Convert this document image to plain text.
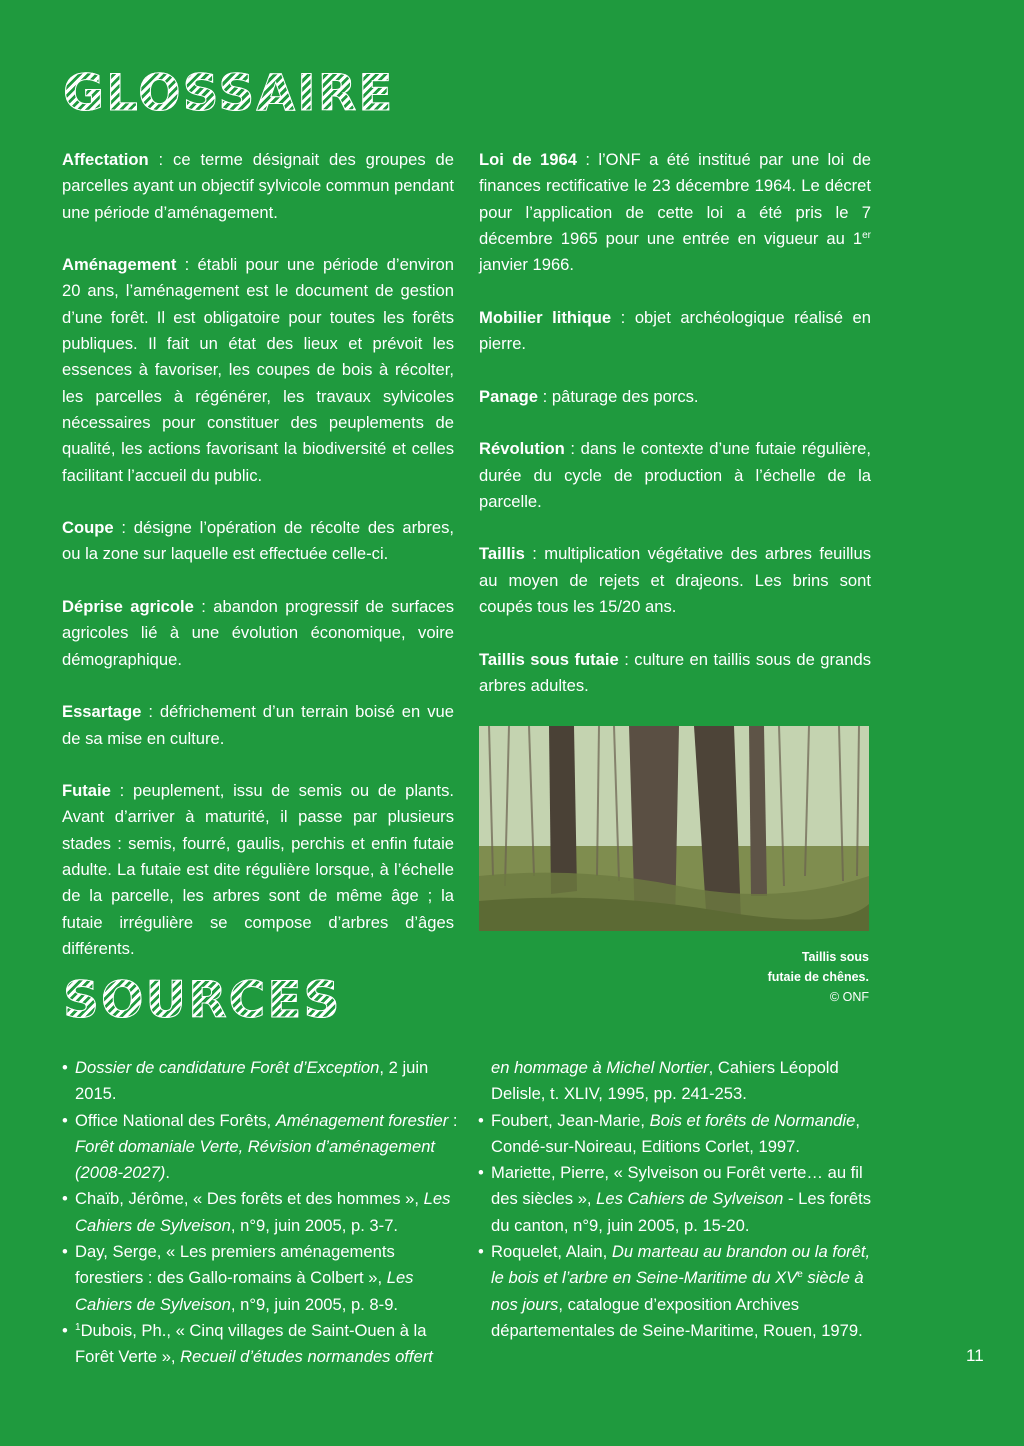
GLOSSAIRE

Affectation : ce terme désignait des groupes de parcelles ayant un objectif sylvicole commun pendant une période d’aménagement.

Aménagement : établi pour une période d’environ 20 ans, l’aménagement est le document de gestion d’une forêt. Il est obligatoire pour toutes les forêts publiques. Il fait un état des lieux et prévoit les essences à favoriser, les coupes de bois à récolter, les parcelles à régénérer, les travaux sylvicoles nécessaires pour constituer des peuplements de qualité, les actions favorisant la biodiversité et celles facilitant l’accueil du public.

Coupe : désigne l’opération de récolte des arbres, ou la zone sur laquelle est effectuée celle-ci.

Déprise agricole : abandon progressif de surfaces agricoles lié à une évolution économique, voire démographique.

Essartage : défrichement d’un terrain boisé en vue de sa mise en culture.

Futaie : peuplement, issu de semis ou de plants. Avant d’arriver à maturité, il passe par plusieurs stades : semis, fourré, gaulis, perchis et enfin futaie adulte. La futaie est dite régulière lorsque, à l’échelle de la parcelle, les arbres sont de même âge ; la futaie irrégulière se compose d’arbres d’âges différents.

Loi de 1964 : l’ONF a été institué par une loi de finances rectificative le 23 décembre 1964. Le décret pour l’application de cette loi a été pris le 7 décembre 1965 pour une entrée en vigueur au 1er janvier 1966.

Mobilier lithique : objet archéologique réalisé en pierre.

Panage : pâturage des porcs.

Révolution : dans le contexte d’une futaie régulière, durée du cycle de production à l’échelle de la parcelle.

Taillis : multiplication végétative des arbres feuillus au moyen de rejets et drajeons. Les brins sont coupés tous les 15/20 ans.

Taillis sous futaie : culture en taillis sous de grands arbres adultes.

Taillis sous
futaie de chênes.
© ONF
SOURCES
• Dossier de candidature Forêt d’Exception, 2 juin 2015.
• Office National des Forêts, Aménagement forestier : Forêt domaniale Verte, Révision d’aménagement (2008-2027).
• Chaïb, Jérôme, « Des forêts et des hommes », Les Cahiers de Sylveison, n°9, juin 2005, p. 3-7.
• Day, Serge, « Les premiers aménagements forestiers : des Gallo-romains à Colbert », Les Cahiers de Sylveison, n°9, juin 2005, p. 8-9.
• $^1$Dubois, Ph., « Cinq villages de Saint-Ouen à la Forêt Verte », Recueil d’études normandes offert
en hommage à Michel Nortier, Cahiers Léopold Delisle, t. XLIV, 1995, pp. 241-253.
• Foubert, Jean-Marie, Bois et forêts de Normandie, Condé-sur-Noireau, Editions Corlet, 1997.
• Mariette, Pierre, « Sylveison ou Forêt verte… au fil des siècles », Les Cahiers de Sylveison - Les forêts du canton, n°9, juin 2005, p. 15-20.
• Roquelet, Alain, Du marteau au brandon ou la forêt, le bois et l’arbre en Seine-Maritime du XVe siècle à nos jours, catalogue d’exposition Archives départementales de Seine-Maritime, Rouen, 1979.
11
